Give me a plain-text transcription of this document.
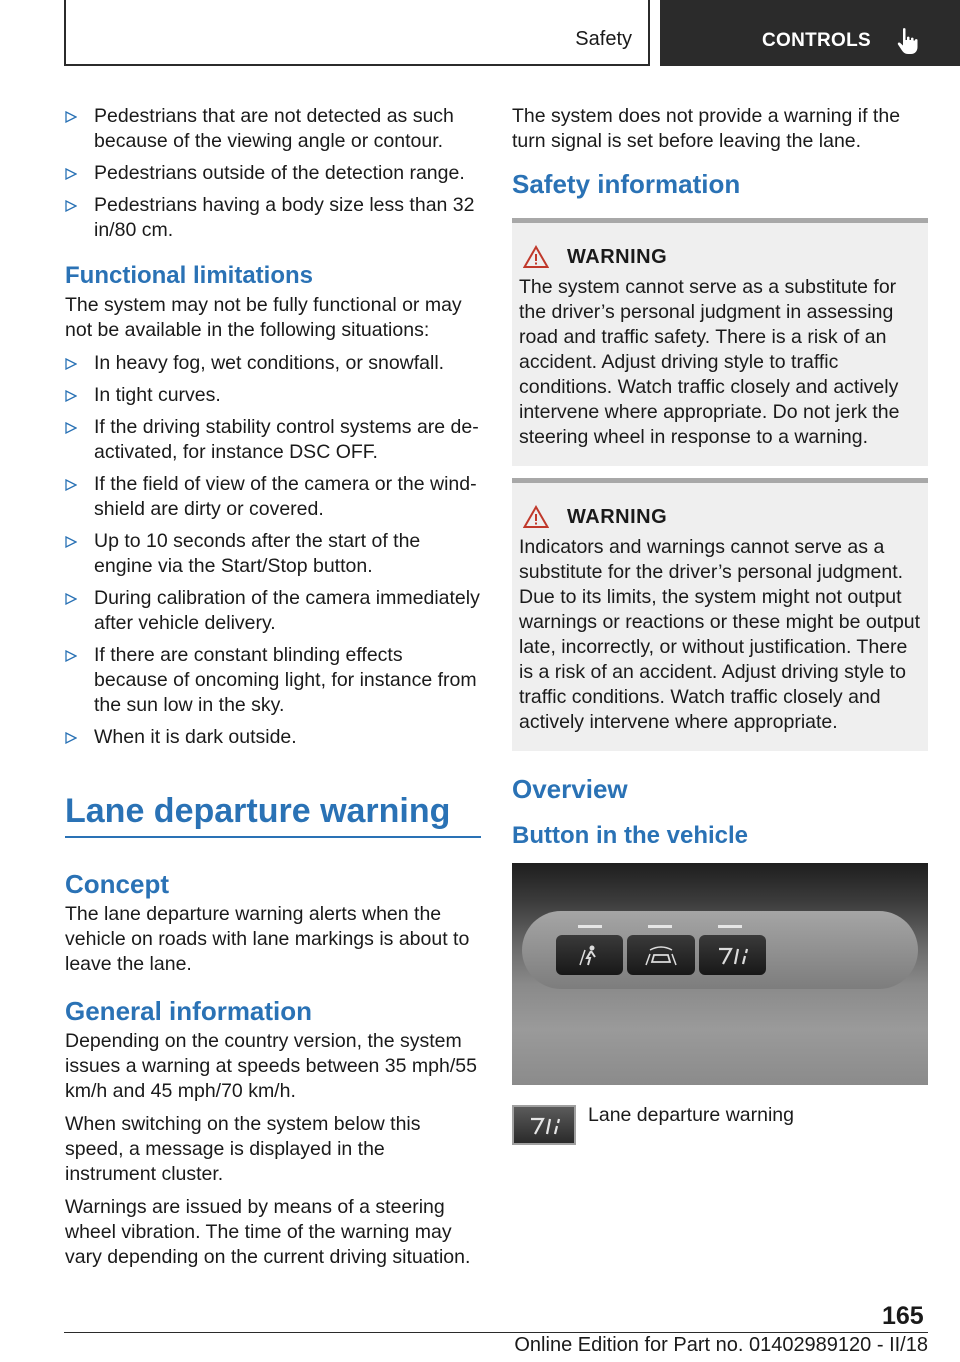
Safety	CONTROLS
Pedestrians that are not detected as such because of the viewing angle or contour.
Pedestrians outside of the detection range.
Pedestrians having a body size less than 32 in/80 cm.
Functional limitations

The system may not be fully functional or may not be available in the following situations:

In heavy fog, wet conditions, or snowfall.
In tight curves.
If the driving stability control systems are deactivated, for instance DSC OFF.
If the field of view of the camera or the windshield are dirty or covered.
Up to 10 seconds after the start of the engine via the Start/Stop button.
During calibration of the camera immediately after vehicle delivery.
If there are constant blinding effects because of oncoming light, for instance from the sun low in the sky.
When it is dark outside.
Lane departure warning
Concept

The lane departure warning alerts when the vehicle on roads with lane markings is about to leave the lane.

General information

Depending on the country version, the system issues a warning at speeds between 35 mph/55 km/h and 45 mph/70 km/h.

When switching on the system below this speed, a message is displayed in the instrument cluster.

Warnings are issued by means of a steering wheel vibration. The time of the warning may vary depending on the current driving situation.

The system does not provide a warning if the turn signal is set before leaving the lane.

Safety information
WARNING

The system cannot serve as a substitute for the driver’s personal judgment in assessing road and traffic safety. There is a risk of an accident. Adjust driving style to traffic conditions. Watch traffic closely and actively intervene where appropriate. Do not jerk the steering wheel in response to a warning.

WARNING

Indicators and warnings cannot serve as a substitute for the driver’s personal judgment. Due to its limits, the system might not output warnings or reactions or these might be output late, incorrectly, or without justification. There is a risk of an accident. Adjust driving style to traffic conditions. Watch traffic closely and actively intervene where appropriate.

Overview
Button in the vehicle
Lane departure warning
165
Online Edition for Part no. 01402989120 - II/18
